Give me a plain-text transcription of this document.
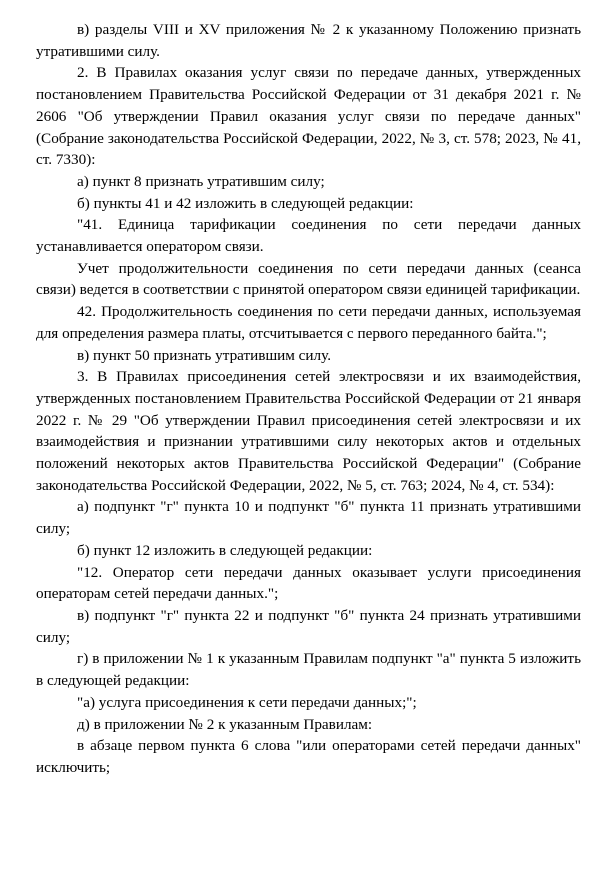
в) разделы VIII и XV приложения № 2 к указанному Положению признать утратившими силу.

2. В Правилах оказания услуг связи по передаче данных, утвержденных постановлением Правительства Российской Федерации от 31 декабря 2021 г. № 2606 "Об утверждении Правил оказания услуг связи по передаче данных" (Собрание законодательства Российской Федерации, 2022, № 3, ст. 578; 2023, № 41, ст. 7330):

а) пункт 8 признать утратившим силу;

б) пункты 41 и 42 изложить в следующей редакции:

"41. Единица тарификации соединения по сети передачи данных устанавливается оператором связи.

Учет продолжительности соединения по сети передачи данных (сеанса связи) ведется в соответствии с принятой оператором связи единицей тарификации.

42. Продолжительность соединения по сети передачи данных, используемая для определения размера платы, отсчитывается с первого переданного байта.";

в) пункт 50 признать утратившим силу.

3. В Правилах присоединения сетей электросвязи и их взаимодействия, утвержденных постановлением Правительства Российской Федерации от 21 января 2022 г. № 29 "Об утверждении Правил присоединения сетей электросвязи и их взаимодействия и признании утратившими силу некоторых актов и отдельных положений некоторых актов Правительства Российской Федерации" (Собрание законодательства Российской Федерации, 2022, № 5, ст. 763; 2024, № 4, ст. 534):

а) подпункт "г" пункта 10 и подпункт "б" пункта 11 признать утратившими силу;

б) пункт 12 изложить в следующей редакции:

"12. Оператор сети передачи данных оказывает услуги присоединения операторам сетей передачи данных.";

в) подпункт "г" пункта 22 и подпункт "б" пункта 24 признать утратившими силу;

г) в приложении № 1 к указанным Правилам подпункт "а" пункта 5 изложить в следующей редакции:

"а) услуга присоединения к сети передачи данных;";

д) в приложении № 2 к указанным Правилам:

в абзаце первом пункта 6 слова "или операторами сетей передачи данных" исключить;
